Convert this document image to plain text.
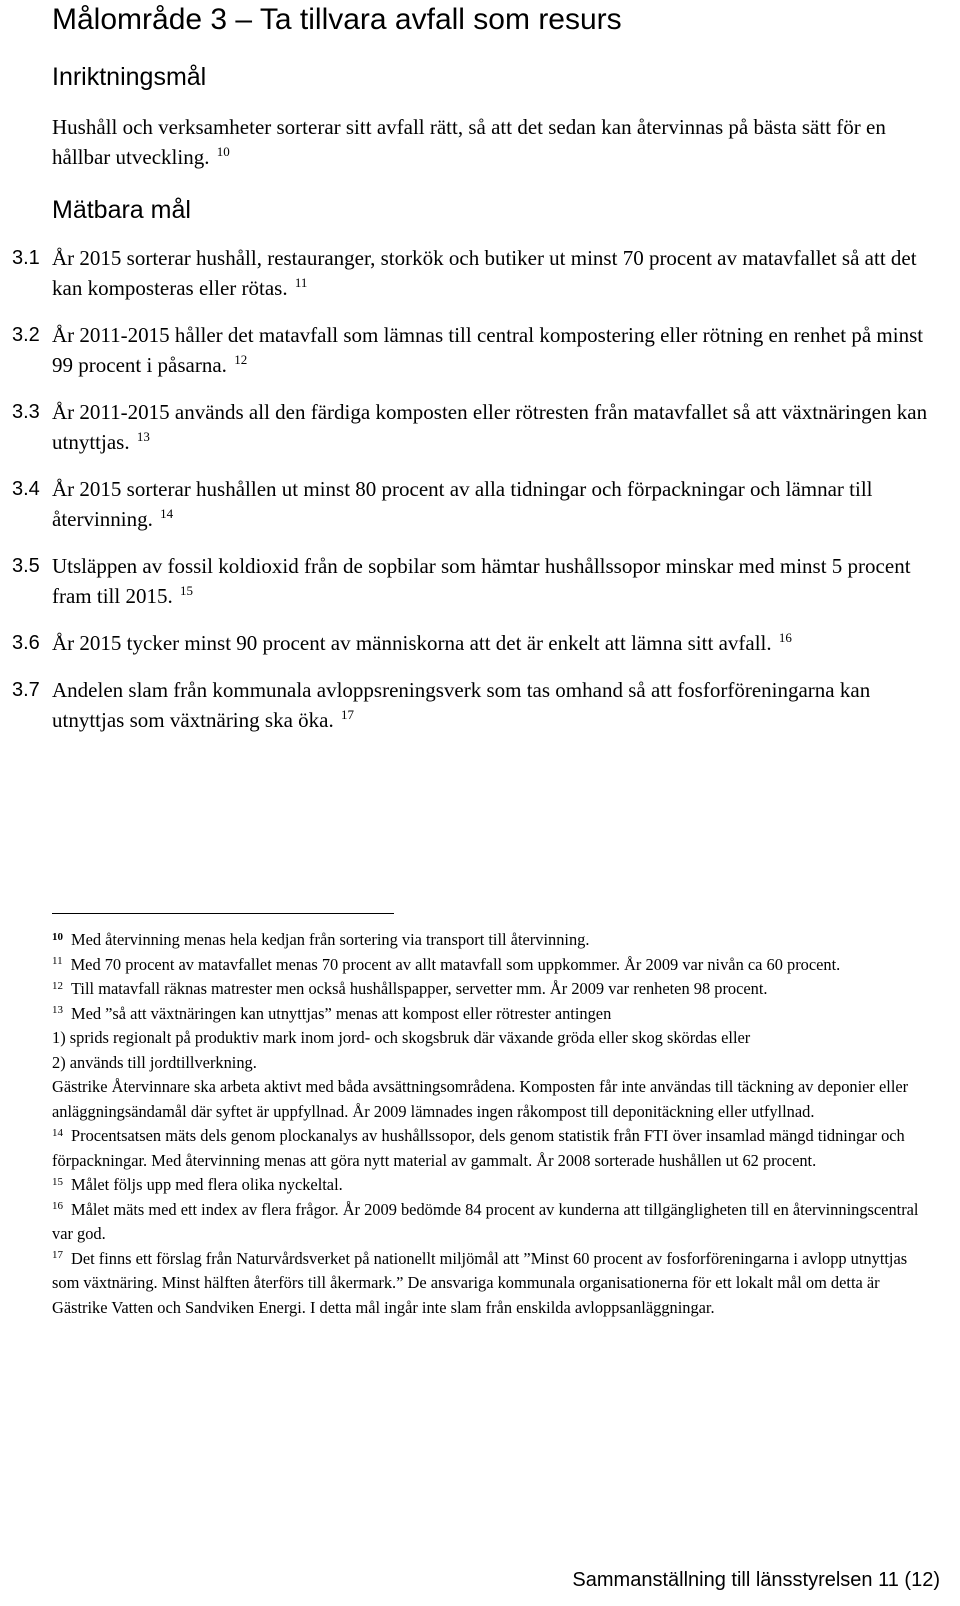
Målområde 3 – Ta tillvara avfall som resurs
Inriktningsmål

Hushåll och verksamheter sorterar sitt avfall rätt, så att det sedan kan återvinnas på bästa sätt för en hållbar utveckling. $^{10}$

Mätbara mål
3.1 År 2015 sorterar hushåll, restauranger, storkök och butiker ut minst 70 procent av matavfallet så att det kan komposteras eller rötas. $^{11}$
3.2 År 2011-2015 håller det matavfall som lämnas till central kompostering eller rötning en renhet på minst 99 procent i påsarna. $^{12}$
3.3 År 2011-2015 används all den färdiga komposten eller rötresten från matavfallet så att växtnäringen kan utnyttjas. $^{13}$
3.4 År 2015 sorterar hushållen ut minst 80 procent av alla tidningar och förpackningar och lämnar till återvinning. $^{14}$
3.5 Utsläppen av fossil koldioxid från de sopbilar som hämtar hushållssopor minskar med minst 5 procent fram till 2015. $^{15}$
3.6 År 2015 tycker minst 90 procent av människorna att det är enkelt att lämna sitt avfall. $^{16}$
3.7 Andelen slam från kommunala avloppsreningsverk som tas omhand så att fosforföreningarna kan utnyttjas som växtnäring ska öka. $^{17}$

$^{10}$ Med återvinning menas hela kedjan från sortering via transport till återvinning.

$^{11}$ Med 70 procent av matavfallet menas 70 procent av allt matavfall som uppkommer. År 2009 var nivån ca 60 procent.

$^{12}$ Till matavfall räknas matrester men också hushållspapper, servetter mm. År 2009 var renheten 98 procent.

$^{13}$ Med ”så att växtnäringen kan utnyttjas” menas att kompost eller rötrester antingen

1) sprids regionalt på produktiv mark inom jord- och skogsbruk där växande gröda eller skog skördas eller

2) används till jordtillverkning.

Gästrike Återvinnare ska arbeta aktivt med båda avsättningsområdena. Komposten får inte användas till täckning av deponier eller anläggningsändamål där syftet är uppfyllnad. År 2009 lämnades ingen råkompost till deponitäckning eller utfyllnad.

$^{14}$ Procentsatsen mäts dels genom plockanalys av hushållssopor, dels genom statistik från FTI över insamlad mängd tidningar och förpackningar. Med återvinning menas att göra nytt material av gammalt. År 2008 sorterade hushållen ut 62 procent.

$^{15}$ Målet följs upp med flera olika nyckeltal.

$^{16}$ Målet mäts med ett index av flera frågor. År 2009 bedömde 84 procent av kunderna att tillgängligheten till en återvinningscentral var god.

$^{17}$ Det finns ett förslag från Naturvårdsverket på nationellt miljömål att ”Minst 60 procent av fosforföreningarna i avlopp utnyttjas som växtnäring. Minst hälften återförs till åkermark.” De ansvariga kommunala organisationerna för ett lokalt mål om detta är Gästrike Vatten och Sandviken Energi. I detta mål ingår inte slam från enskilda avloppsanläggningar.

Sammanställning till länsstyrelsen 11 (12)
